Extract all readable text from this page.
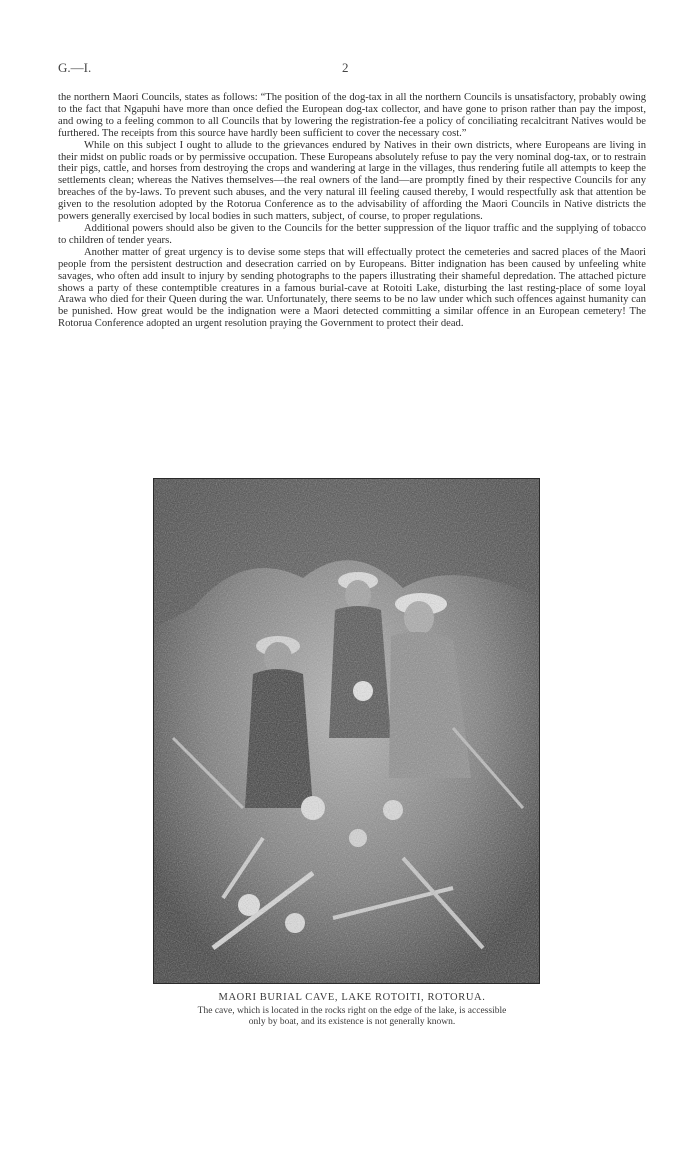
G.—I.	2

the northern Maori Councils, states as follows: “The position of the dog-tax in all the northern Councils is unsatisfactory, probably owing to the fact that Ngapuhi have more than once defied the European dog-tax collector, and have gone to prison rather than pay the impost, and owing to a feeling common to all Councils that by lowering the registration-fee a policy of conciliating recalcitrant Natives would be furthered. The receipts from this source have hardly been sufficient to cover the necessary cost.”

While on this subject I ought to allude to the grievances endured by Natives in their own districts, where Europeans are living in their midst on public roads or by permissive occupation. These Europeans absolutely refuse to pay the very nominal dog-tax, or to restrain their pigs, cattle, and horses from destroying the crops and wandering at large in the villages, thus rendering futile all attempts to keep the settlements clean; whereas the Natives themselves—the real owners of the land—are promptly fined by their respective Councils for any breaches of the by-laws. To prevent such abuses, and the very natural ill feeling caused thereby, I would respectfully ask that attention be given to the resolution adopted by the Rotorua Conference as to the advisability of affording the Maori Councils in Native districts the powers generally exercised by local bodies in such matters, subject, of course, to proper regulations.

Additional powers should also be given to the Councils for the better suppression of the liquor traffic and the supplying of tobacco to children of tender years.

Another matter of great urgency is to devise some steps that will effectually protect the cemeteries and sacred places of the Maori people from the persistent destruction and desecration carried on by Europeans. Bitter indignation has been caused by unfeeling white savages, who often add insult to injury by sending photographs to the papers illustrating their shameful depredation. The attached picture shows a party of these contemptible creatures in a famous burial-cave at Rotoiti Lake, disturbing the last resting-place of some loyal Arawa who died for their Queen during the war. Unfortunately, there seems to be no law under which such offences against humanity can be punished. How great would be the indignation were a Maori detected committing a similar offence in an European cemetery! The Rotorua Conference adopted an urgent resolution praying the Government to protect their dead.

MAORI BURIAL CAVE, LAKE ROTOITI, ROTORUA.
The cave, which is located in the rocks right on the edge of the lake, is accessible
only by boat, and its existence is not generally known.
